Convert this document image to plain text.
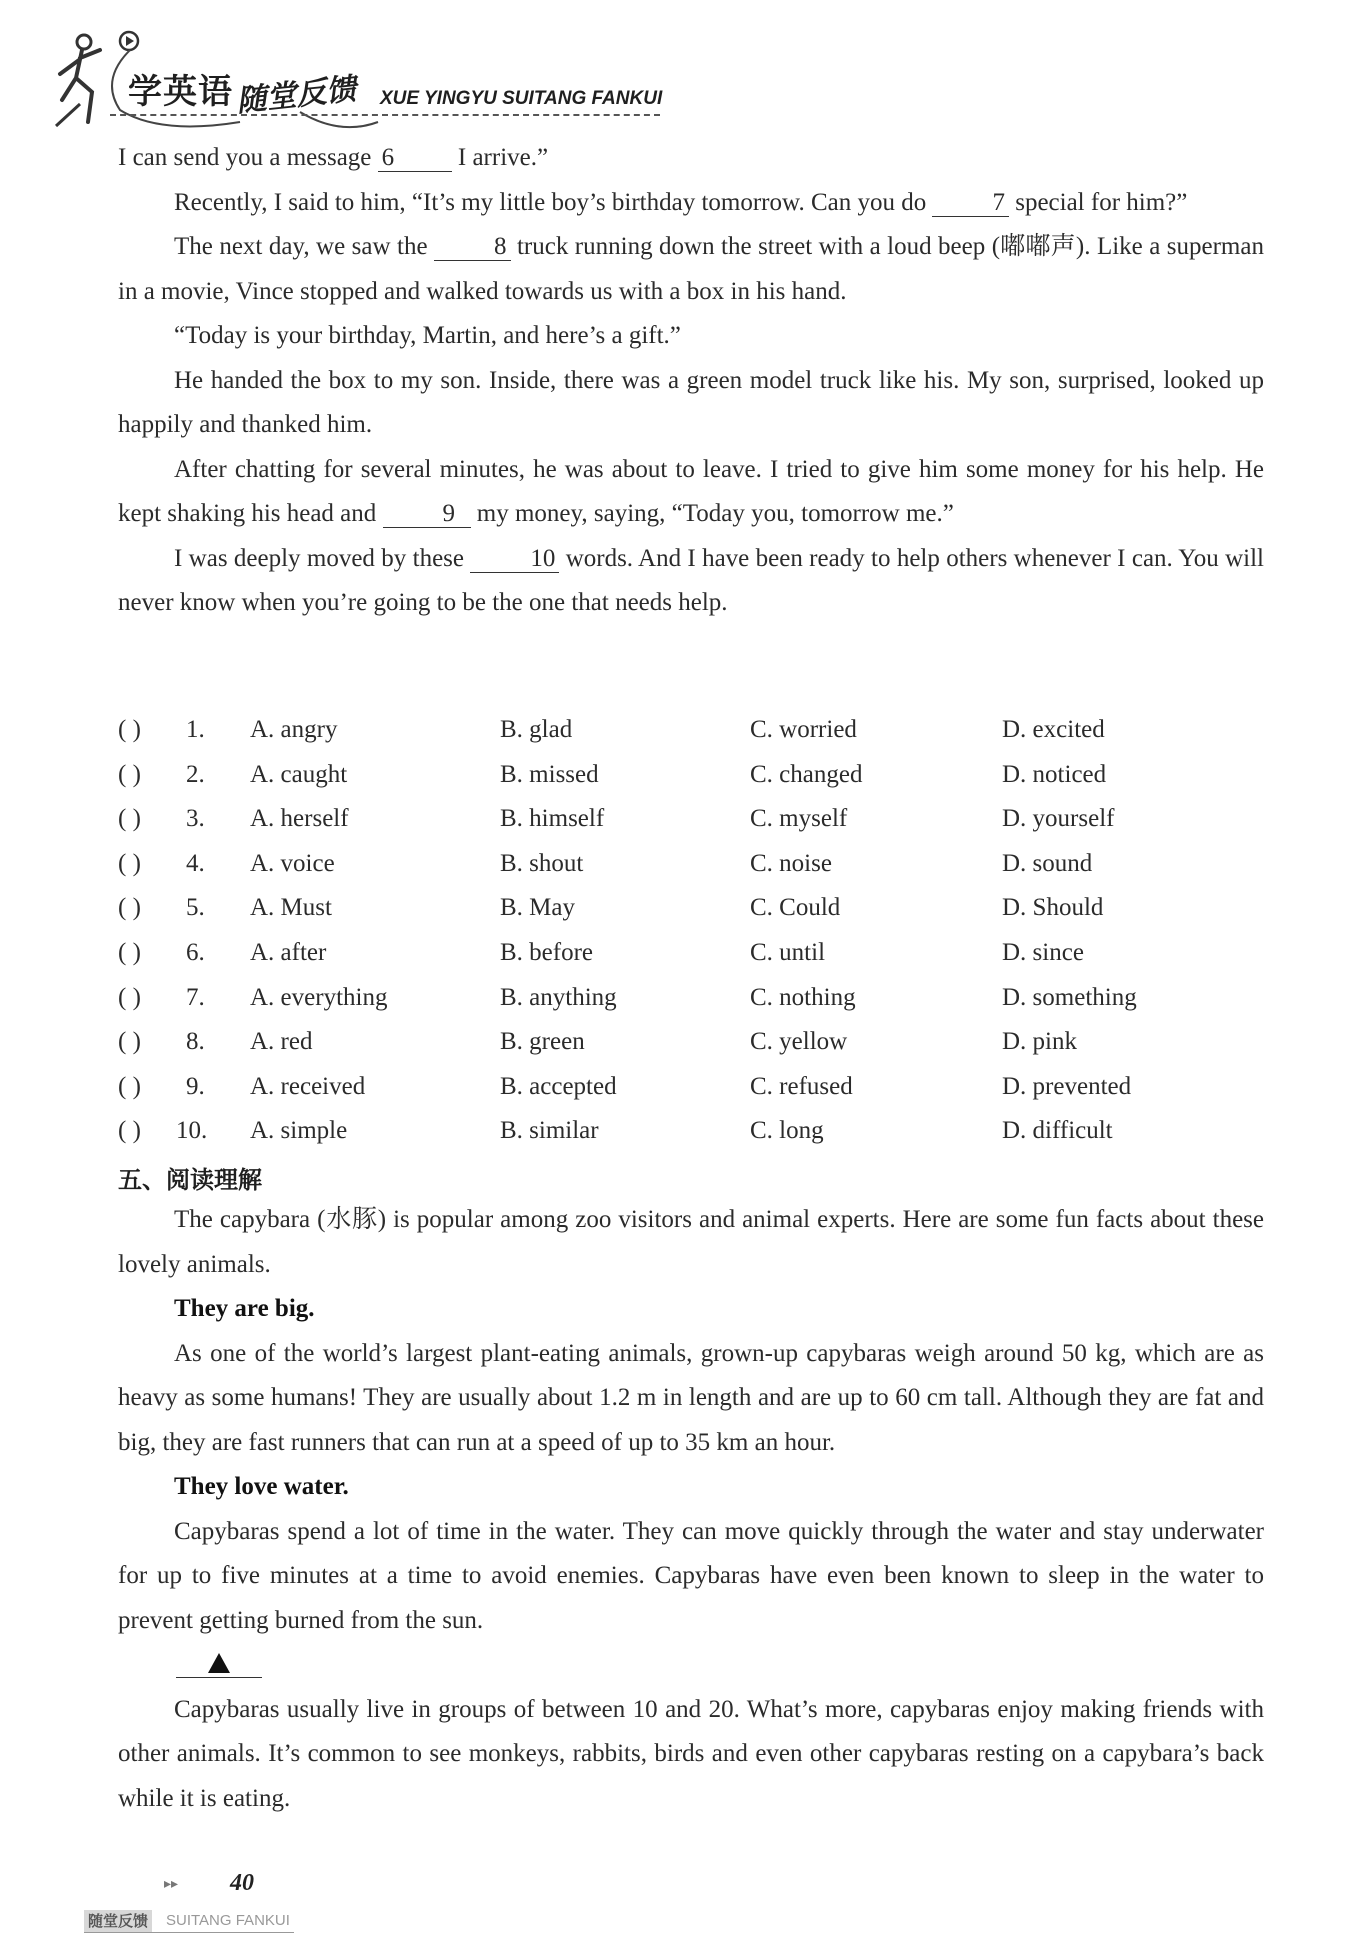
学英语 随堂反馈 XUE YINGYU SUITANG FANKUI

I can send you a message 6 I arrive.”

Recently, I said to him, “It’s my little boy’s birthday tomorrow. Can you do 7 special for him?”

The next day, we saw the 8 truck running down the street with a loud beep (嘟嘟声). Like a superman in a movie, Vince stopped and walked towards us with a box in his hand.

“Today is your birthday, Martin, and here’s a gift.”

He handed the box to my son. Inside, there was a green model truck like his. My son, surprised, looked up happily and thanked him.

After chatting for several minutes, he was about to leave. I tried to give him some money for his help. He kept shaking his head and 9 my money, saying, “Today you, tomorrow me.”

I was deeply moved by these 10 words. And I have been ready to help others whenever I can. You will never know when you’re going to be the one that needs help.

( ) 1. A. angry	B. glad	C. worried	D. excited
( ) 2. A. caught	B. missed	C. changed	D. noticed
( ) 3. A. herself	B. himself	C. myself	D. yourself
( ) 4. A. voice	B. shout	C. noise	D. sound
( ) 5. A. Must	B. May	C. Could	D. Should
( ) 6. A. after	B. before	C. until	D. since
( ) 7. A. everything	B. anything	C. nothing	D. something
( ) 8. A. red	B. green	C. yellow	D. pink
( ) 9. A. received	B. accepted	C. refused	D. prevented
( ) 10. A. simple	B. similar	C. long	D. difficult
五、阅读理解

The capybara (水豚) is popular among zoo visitors and animal experts. Here are some fun facts about these lovely animals.

They are big.

As one of the world’s largest plant-eating animals, grown-up capybaras weigh around 50 kg, which are as heavy as some humans! They are usually about 1.2 m in length and are up to 60 cm tall. Although they are fat and big, they are fast runners that can run at a speed of up to 35 km an hour.

They love water.

Capybaras spend a lot of time in the water. They can move quickly through the water and stay underwater for up to five minutes at a time to avoid enemies. Capybaras have even been known to sleep in the water to prevent getting burned from the sun.

Capybaras usually live in groups of between 10 and 20. What’s more, capybaras enjoy making friends with other animals. It’s common to see monkeys, rabbits, birds and even other capybaras resting on a capybara’s back while it is eating.

▸▸ 40
随堂反馈 SUITANG FANKUI
